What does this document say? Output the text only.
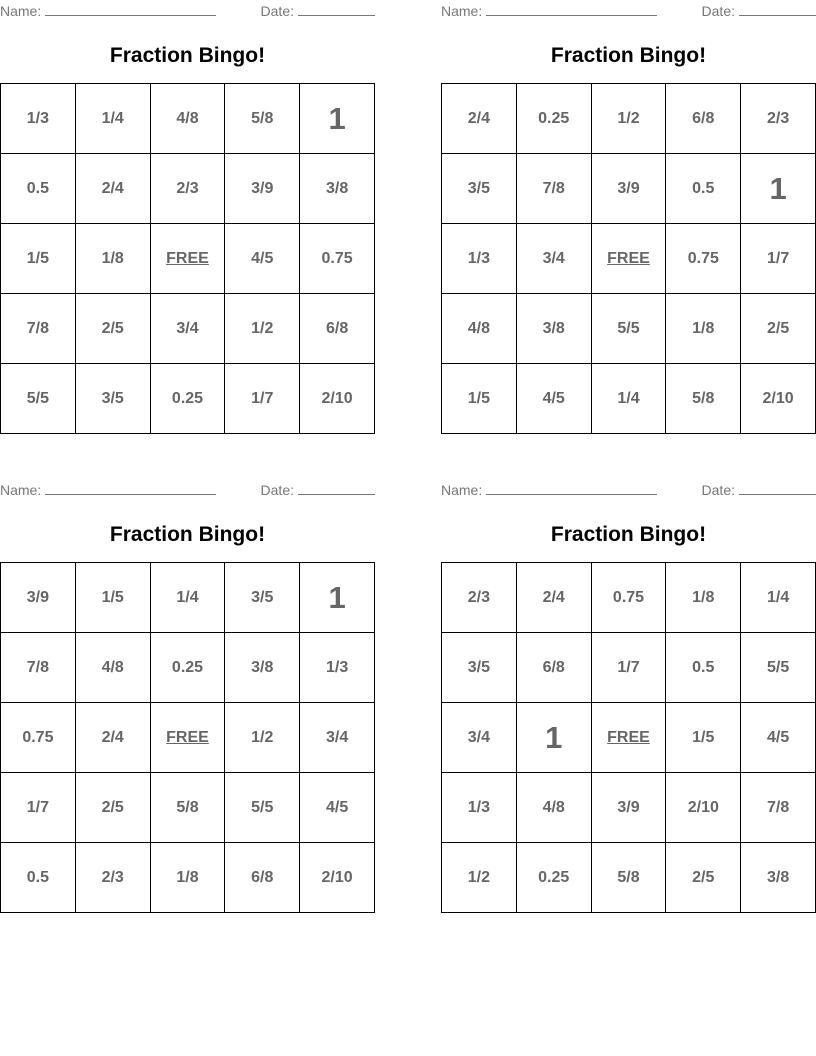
Name:	Date:
Fraction Bingo!
1/3	1/4	4/8	5/8	1
0.5	2/4	2/3	3/9	3/8
1/5	1/8	FREE	4/5	0.75
7/8	2/5	3/4	1/2	6/8
5/5	3/5	0.25	1/7	2/10
Name:	Date:
Fraction Bingo!
2/4	0.25	1/2	6/8	2/3
3/5	7/8	3/9	0.5	1
1/3	3/4	FREE	0.75	1/7
4/8	3/8	5/5	1/8	2/5
1/5	4/5	1/4	5/8	2/10
Name:	Date:
Fraction Bingo!
3/9	1/5	1/4	3/5	1
7/8	4/8	0.25	3/8	1/3
0.75	2/4	FREE	1/2	3/4
1/7	2/5	5/8	5/5	4/5
0.5	2/3	1/8	6/8	2/10
Name:	Date:
Fraction Bingo!
2/3	2/4	0.75	1/8	1/4
3/5	6/8	1/7	0.5	5/5
3/4	1	FREE	1/5	4/5
1/3	4/8	3/9	2/10	7/8
1/2	0.25	5/8	2/5	3/8
